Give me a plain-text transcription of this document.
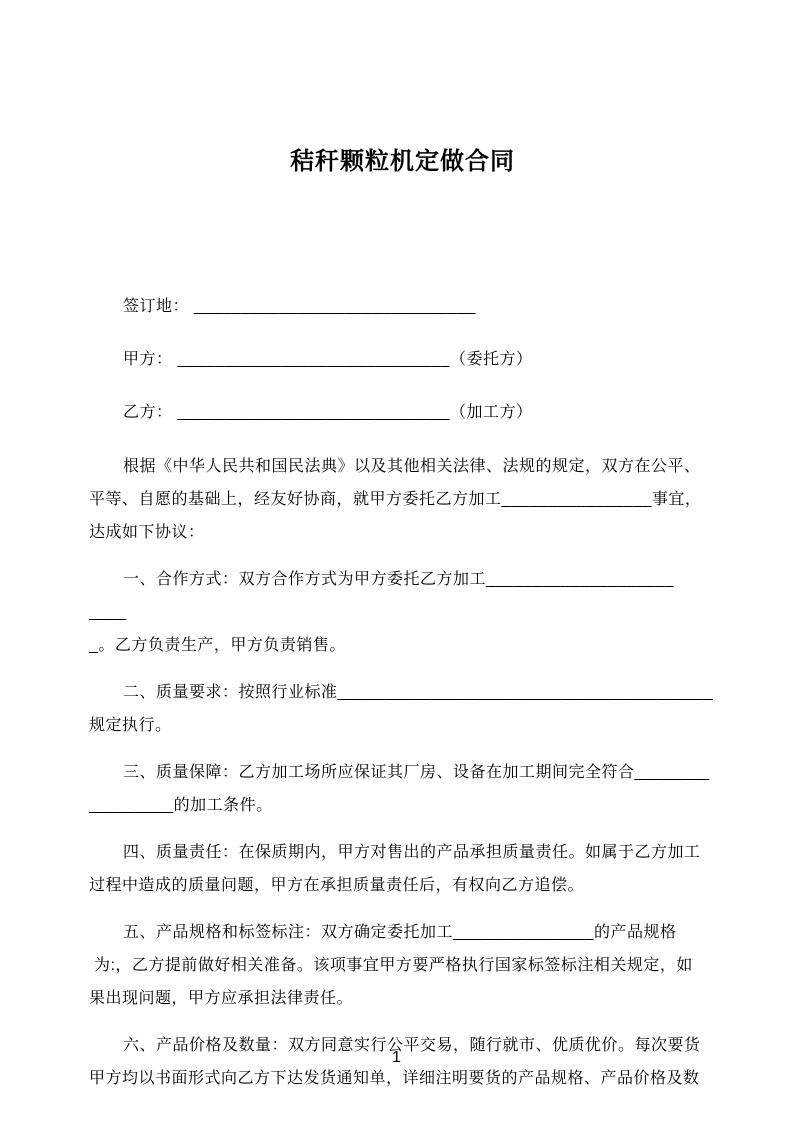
秸秆颗粒机定做合同
签订地： ______________________________
甲方： _____________________________（委托方）
乙方： _____________________________（加工方）
根据《中华人民共和国民法典》以及其他相关法律、法规的规定，双方在公平、
平等、自愿的基础上，经友好协商，就甲方委托乙方加工________________事宜，
达成如下协议：
一、合作方式：双方合作方式为甲方委托乙方加工____________________ ____
_。乙方负责生产，甲方负责销售。
二、质量要求：按照行业标准________________________________________规定执行。
三、质量保障：乙方加工场所应保证其厂房、设备在加工期间完全符合________
_________的加工条件。
四、质量责任：在保质期内，甲方对售出的产品承担质量责任。如属于乙方加工
过程中造成的质量问题，甲方在承担质量责任后，有权向乙方追偿。
五、产品规格和标签标注：双方确定委托加工_______________的产品规格
为:，乙方提前做好相关准备。该项事宜甲方要严格执行国家标签标注相关规定，如
果出现问题，甲方应承担法律责任。
六、产品价格及数量：双方同意实行公平交易，随行就市、优质优价。每次要货
甲方均以书面形式向乙方下达发货通知单，详细注明要货的产品规格、产品价格及数
1
